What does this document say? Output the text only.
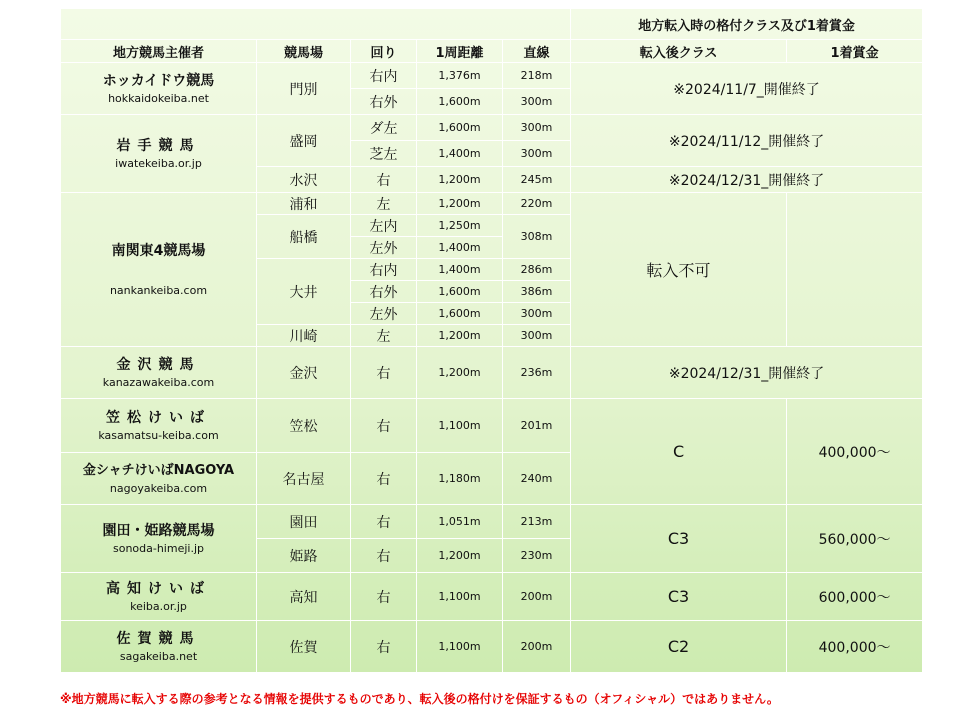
					地方転入時の格付クラス及び1着賞金	
地方競馬主催者	競馬場	回り	1周距離	直線	転入後クラス	1着賞金

ホッカイドウ競馬
hokkaidokeiba.net	門別	右内	1,376m	218m	※2024/11/7_開催終了	
		右外	1,600m	300m		

岩手競馬
iwatekeiba.or.jp	盛岡	ダ左	1,600m	300m	※2024/11/12_開催終了	
		芝左	1,400m	300m		
	水沢	右	1,200m	245m	※2024/12/31_開催終了	

南関東4競馬場
nankankeiba.com	浦和	左	1,200m	220m	転入不可	
	船橋	左内	1,250m	308m		
		左外	1,400m			
	大井	右内	1,400m	286m		
		右外	1,600m	386m		
		左外	1,600m	300m		
	川崎	左	1,200m	300m		

金沢競馬
kanazawakeiba.com	金沢	右	1,200m	236m	※2024/12/31_開催終了	

笠松けいば
kasamatsu-keiba.com	笠松	右	1,100m	201m	C	400,000～

金シャチけいばNAGOYA
nagoyakeiba.com	名古屋	右	1,180m	240m		

園田・姫路競馬場
sonoda-himeji.jp	園田	右	1,051m	213m	C3	560,000～
	姫路	右	1,200m	230m		

高知けいば
keiba.or.jp	高知	右	1,100m	200m	C3	600,000～

佐賀競馬
sagakeiba.net	佐賀	右	1,100m	200m	C2	400,000～
※地方競馬に転入する際の参考となる情報を提供するものであり、転入後の格付けを保証するもの（オフィシャル）ではありません。
